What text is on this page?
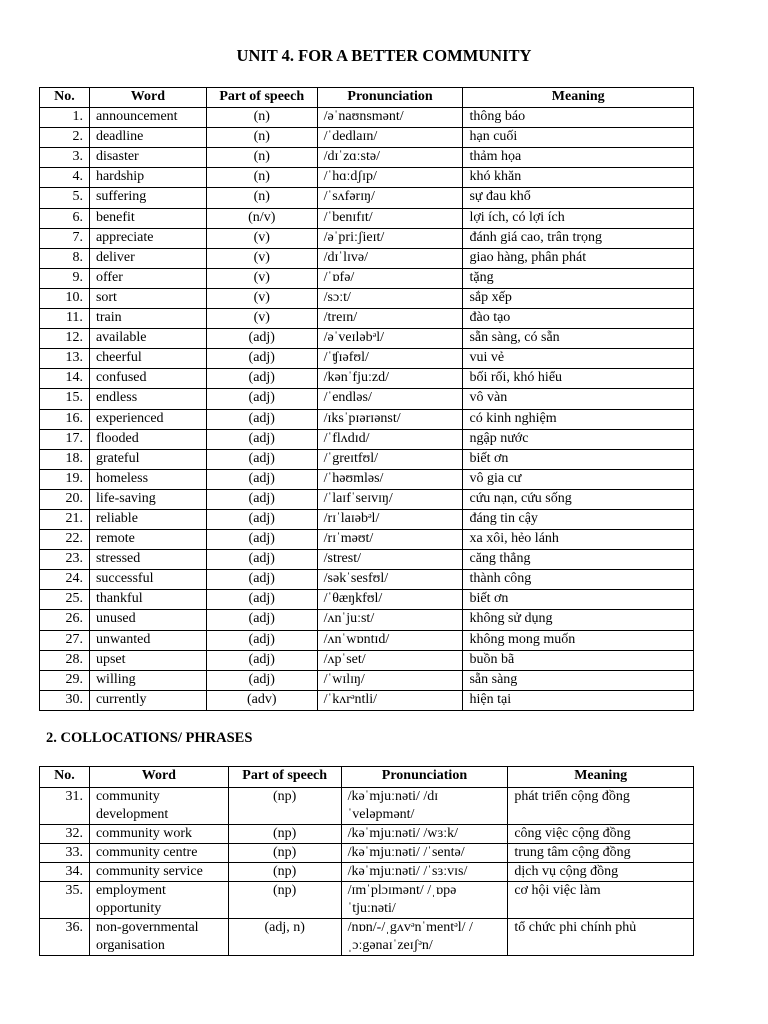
UNIT 4. FOR A BETTER COMMUNITY
No.	Word	Part of speech	Pronunciation	Meaning
1.	announcement	(n)	/əˈnaʊnsmənt/	thông báo
2.	deadline	(n)	/ˈdedlaɪn/	hạn cuối
3.	disaster	(n)	/dɪˈzɑːstə/	thảm họa
4.	hardship	(n)	/ˈhɑːdʃɪp/	khó khăn
5.	suffering	(n)	/ˈsʌfərɪŋ/	sự đau khổ
6.	benefit	(n/v)	/ˈbenɪfɪt/	lợi ích, có lợi ích
7.	appreciate	(v)	/əˈpriːʃieɪt/	đánh giá cao, trân trọng
8.	deliver	(v)	/dɪˈlɪvə/	giao hàng, phân phát
9.	offer	(v)	/ˈɒfə/	tặng
10.	sort	(v)	/sɔːt/	sắp xếp
11.	train	(v)	/treɪn/	đào tạo
12.	available	(adj)	/əˈveɪləbᵊl/	sẵn sàng, có sẵn
13.	cheerful	(adj)	/ˈʧɪəfʊl/	vui vẻ
14.	confused	(adj)	/kənˈfjuːzd/	bối rối, khó hiểu
15.	endless	(adj)	/ˈendləs/	vô vàn
16.	experienced	(adj)	/ɪksˈpɪərɪənst/	có kinh nghiệm
17.	flooded	(adj)	/ˈflʌdɪd/	ngập nước
18.	grateful	(adj)	/ˈgreɪtfʊl/	biết ơn
19.	homeless	(adj)	/ˈhəʊmləs/	vô gia cư
20.	life-saving	(adj)	/ˈlaɪfˈseɪvɪŋ/	cứu nạn, cứu sống
21.	reliable	(adj)	/rɪˈlaɪəbᵊl/	đáng tin cậy
22.	remote	(adj)	/rɪˈməʊt/	xa xôi, hẻo lánh
23.	stressed	(adj)	/strest/	căng thẳng
24.	successful	(adj)	/səkˈsesfʊl/	thành công
25.	thankful	(adj)	/ˈθæŋkfʊl/	biết ơn
26.	unused	(adj)	/ʌnˈjuːst/	không sử dụng
27.	unwanted	(adj)	/ʌnˈwɒntɪd/	không mong muốn
28.	upset	(adj)	/ʌpˈset/	buồn bã
29.	willing	(adj)	/ˈwɪlɪŋ/	sẵn sàng
30.	currently	(adv)	/ˈkʌrᵊntli/	hiện tại
2. COLLOCATIONS/ PHRASES
No.	Word	Part of speech	Pronunciation	Meaning
31.	community development	(np)	/kəˈmjuːnəti/ /dɪˈveləpmənt/	phát triển cộng đồng
32.	community work	(np)	/kəˈmjuːnəti/ /wɜːk/	công việc cộng đồng
33.	community centre	(np)	/kəˈmjuːnəti/ /ˈsentə/	trung tâm cộng đồng
34.	community service	(np)	/kəˈmjuːnəti/ /ˈsɜːvɪs/	dịch vụ cộng đồng
35.	employment opportunity	(np)	/ɪmˈplɔɪmənt/ /ˌɒpəˈtjuːnəti/	cơ hội việc làm
36.	non-governmental organisation	(adj, n)	/nɒn/-/ˌgʌvᵊnˈmentᵊl/ /ˌɔːgənaɪˈzeɪʃᵊn/	tổ chức phi chính phủ
